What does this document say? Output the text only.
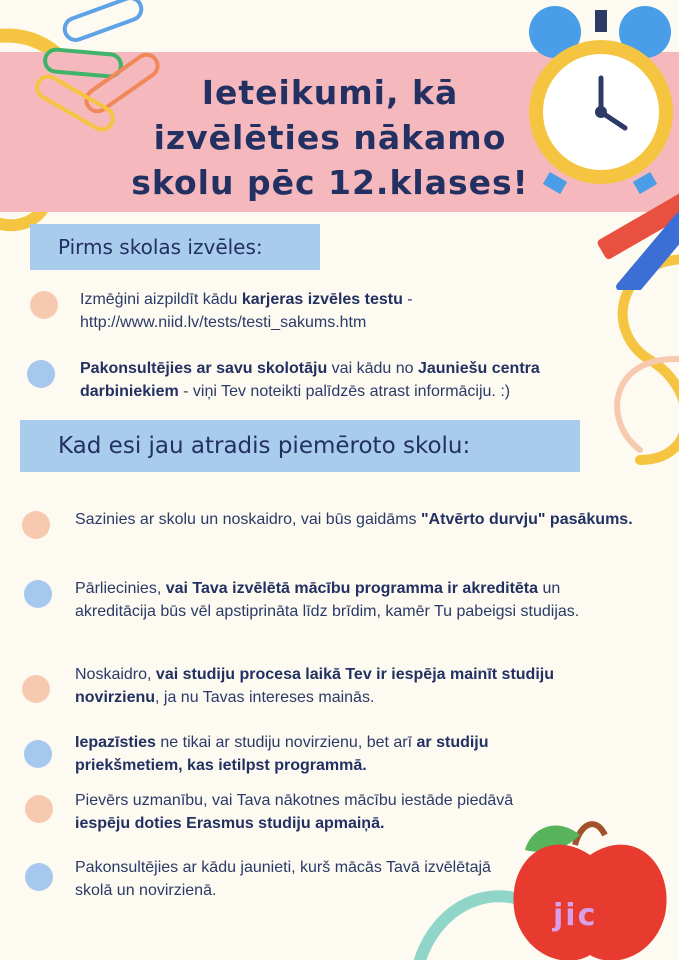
Ieteikumi, kā izvēlēties nākamo skolu pēc 12.klases!
jic
Pirms skolas izvēles:
Izmēģini aizpildīt kādu karjeras izvēles testu -
http://www.niid.lv/tests/testi_sakums.htm
Pakonsultējies ar savu skolotāju vai kādu no Jauniešu centra darbiniekiem - viņi Tev noteikti palīdzēs atrast informāciju. :)
Kad esi jau atradis piemēroto skolu:
Sazinies ar skolu un noskaidro, vai būs gaidāms "Atvērto durvju" pasākums.
Pārliecinies, vai Tava izvēlētā mācību programma ir akreditēta un akreditācija būs vēl apstiprināta līdz brīdim, kamēr Tu pabeigsi studijas.
Noskaidro, vai studiju procesa laikā Tev ir iespēja mainīt studiju novirzienu, ja nu Tavas intereses mainās.
Iepazīsties ne tikai ar studiju novirzienu, bet arī ar studiju priekšmetiem, kas ietilpst programmā.
Pievērs uzmanību, vai Tava nākotnes mācību iestāde piedāvā iespēju doties Erasmus studiju apmaiņā.
Pakonsultējies ar kādu jaunieti, kurš mācās Tavā izvēlētajā skolā un novirzienā.
